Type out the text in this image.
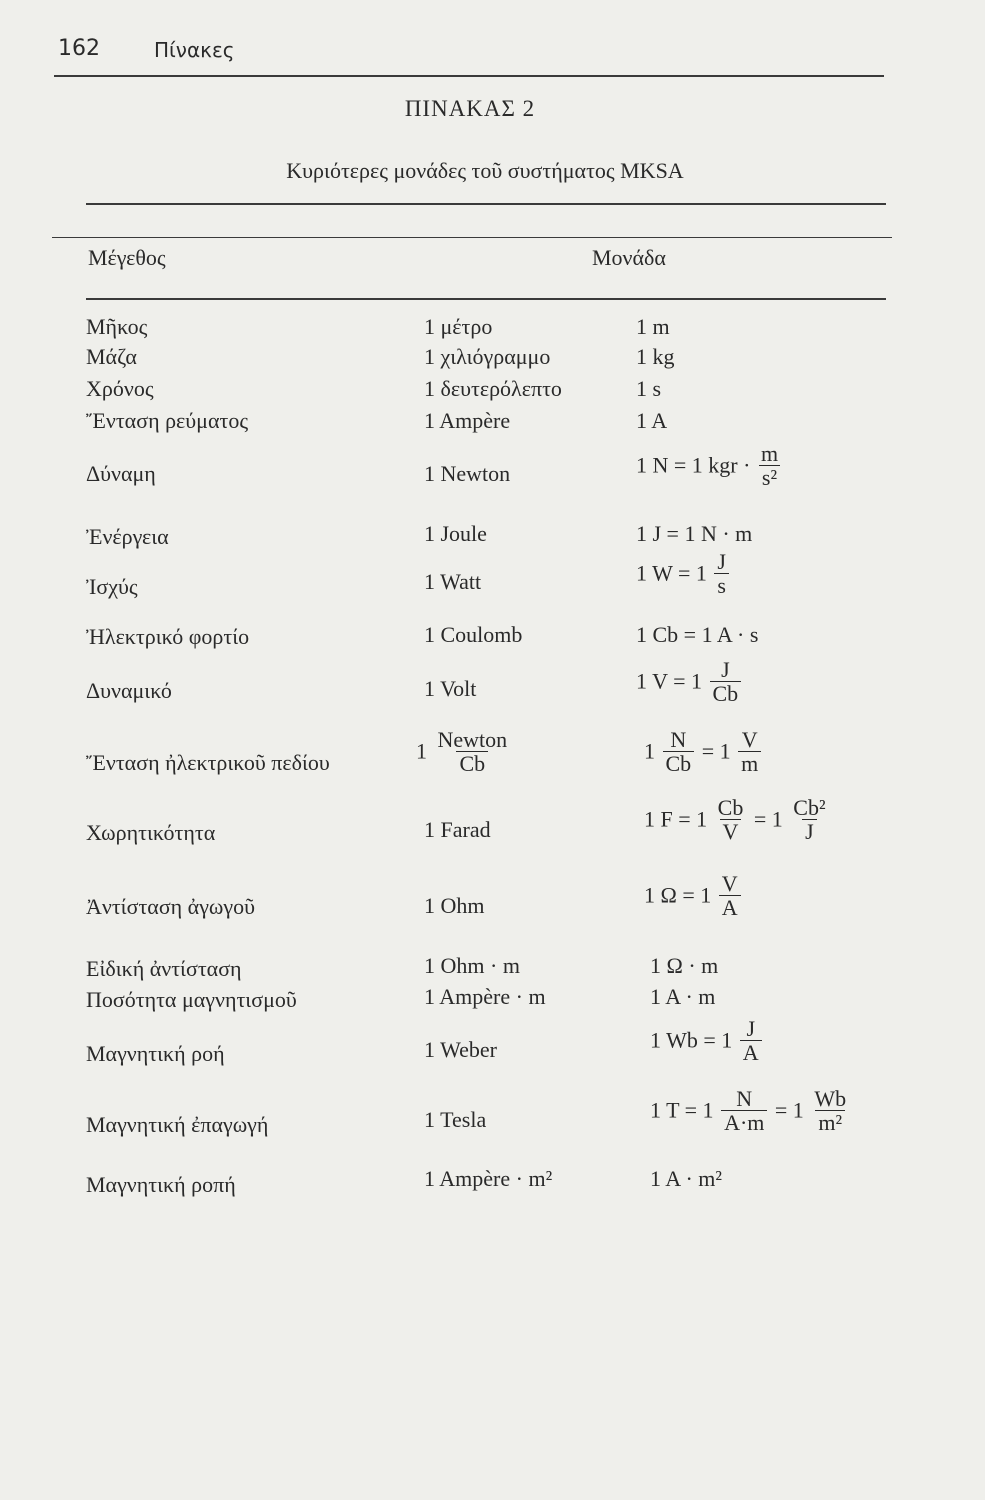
162	Πίνακες
ΠΙΝΑΚΑΣ 2
Κυριότερες μονάδες τοῦ συστήματος MKSA
Μέγεθος	Μονάδα
Μῆκος	1 μέτρο	1 m
Μάζα	1 χιλιόγραμμο	1 kg
Χρόνος	1 δευτερόλεπτο	1 s
Ἔνταση ρεύματος	1 Ampère	1 A
Δύναμη	1 Newton	1 N = 1 kgr · $\frac{m}{\text{s²}}$
Ἐνέργεια	1 Joule	1 J = 1 N · m
Ἰσχύς	1 Watt	1 $W = 1 \frac{J}{s}$
Ἠλεκτρικό φορτίο	1 Coulomb	1 Cb = 1 A · s
Δυναμικό	1 Volt	1 $V = 1 \frac{J}{Cb}$
Ἔνταση ἠλεκτρικοῦ πεδίου	$1 \frac{\text{Newton}}{Cb}$	$1 \frac{N}{Cb} = 1 \frac{V}{m}$
Χωρητικότητα	1 Farad	1 $F = 1 \frac{Cb}{V} = 1 \frac{\text{Cb²}}{J}$
Ἀντίσταση ἀγωγοῦ	1 Ohm	1 $\Omega = 1 \frac{V}{A}$
Εἰδική ἀντίσταση	1 Ohm · m	1 Ω · m
Ποσότητα μαγνητισμοῦ	1 Ampère · m	1 A · m
Μαγνητική ροή	1 Weber	1 $Wb = 1 \frac{J}{A}$
Μαγνητική ἐπαγωγή	1 Tesla	1 $T = 1 \frac{N}{A\cdot m} = 1 \frac{Wb}{\text{m²}}$
Μαγνητική ροπή	1 Ampère · m²	1 A · m²
